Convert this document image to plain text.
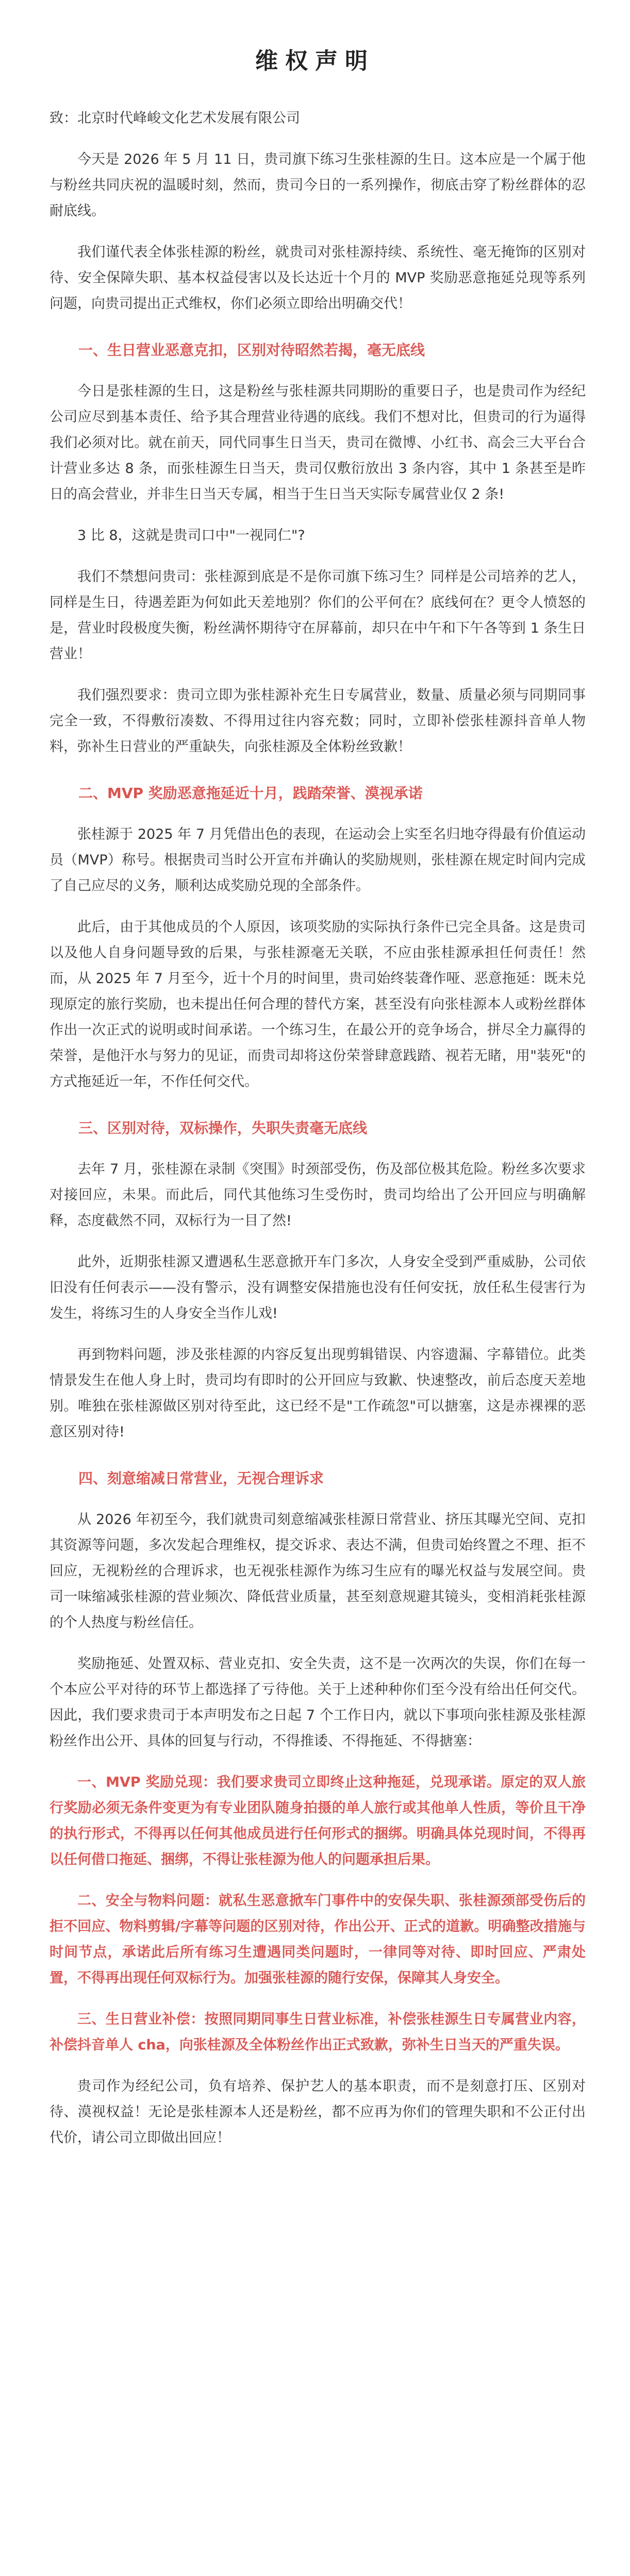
维权声明

致：北京时代峰峻文化艺术发展有限公司

今天是 2026 年 5 月 11 日，贵司旗下练习生张桂源的生日。这本应是一个属于他与粉丝共同庆祝的温暖时刻，然而，贵司今日的一系列操作，彻底击穿了粉丝群体的忍耐底线。

我们谨代表全体张桂源的粉丝，就贵司对张桂源持续、系统性、毫无掩饰的区别对待、安全保障失职、基本权益侵害以及长达近十个月的 MVP 奖励恶意拖延兑现等系列问题，向贵司提出正式维权，你们必须立即给出明确交代！

一、生日营业恶意克扣，区别对待昭然若揭，毫无底线

今日是张桂源的生日，这是粉丝与张桂源共同期盼的重要日子，也是贵司作为经纪公司应尽到基本责任、给予其合理营业待遇的底线。我们不想对比，但贵司的行为逼得我们必须对比。就在前天，同代同事生日当天，贵司在微博、小红书、高会三大平台合计营业多达 8 条，而张桂源生日当天，贵司仅敷衍放出 3 条内容，其中 1 条甚至是昨日的高会营业，并非生日当天专属，相当于生日当天实际专属营业仅 2 条!

3 比 8，这就是贵司口中"一视同仁"?

我们不禁想问贵司：张桂源到底是不是你司旗下练习生？同样是公司培养的艺人，同样是生日，待遇差距为何如此天差地别？你们的公平何在？底线何在？更令人愤怒的是，营业时段极度失衡，粉丝满怀期待守在屏幕前，却只在中午和下午各等到 1 条生日营业！

我们强烈要求：贵司立即为张桂源补充生日专属营业，数量、质量必须与同期同事完全一致，不得敷衍凑数、不得用过往内容充数；同时，立即补偿张桂源抖音单人物料，弥补生日营业的严重缺失，向张桂源及全体粉丝致歉！

二、MVP 奖励恶意拖延近十月，践踏荣誉、漠视承诺

张桂源于 2025 年 7 月凭借出色的表现，在运动会上实至名归地夺得最有价值运动员（MVP）称号。根据贵司当时公开宣布并确认的奖励规则，张桂源在规定时间内完成了自己应尽的义务，顺利达成奖励兑现的全部条件。

此后，由于其他成员的个人原因，该项奖励的实际执行条件已完全具备。这是贵司以及他人自身问题导致的后果，与张桂源毫无关联，不应由张桂源承担任何责任！然而，从 2025 年 7 月至今，近十个月的时间里，贵司始终装聋作哑、恶意拖延：既未兑现原定的旅行奖励，也未提出任何合理的替代方案，甚至没有向张桂源本人或粉丝群体作出一次正式的说明或时间承诺。一个练习生，在最公开的竞争场合，拼尽全力赢得的荣誉，是他汗水与努力的见证，而贵司却将这份荣誉肆意践踏、视若无睹，用"装死"的方式拖延近一年，不作任何交代。

三、区别对待，双标操作，失职失责毫无底线

去年 7 月，张桂源在录制《突围》时颈部受伤，伤及部位极其危险。粉丝多次要求对接回应，未果。而此后，同代其他练习生受伤时，贵司均给出了公开回应与明确解释，态度截然不同，双标行为一目了然!

此外，近期张桂源又遭遇私生恶意掀开车门多次，人身安全受到严重威胁，公司依旧没有任何表示——没有警示，没有调整安保措施也没有任何安抚，放任私生侵害行为发生，将练习生的人身安全当作儿戏!

再到物料问题，涉及张桂源的内容反复出现剪辑错误、内容遗漏、字幕错位。此类情景发生在他人身上时，贵司均有即时的公开回应与致歉、快速整改，前后态度天差地别。唯独在张桂源做区别对待至此，这已经不是"工作疏忽"可以搪塞，这是赤裸裸的恶意区别对待!

四、刻意缩减日常营业，无视合理诉求

从 2026 年初至今，我们就贵司刻意缩减张桂源日常营业、挤压其曝光空间、克扣其资源等问题，多次发起合理维权，提交诉求、表达不满，但贵司始终置之不理、拒不回应，无视粉丝的合理诉求，也无视张桂源作为练习生应有的曝光权益与发展空间。贵司一味缩减张桂源的营业频次、降低营业质量，甚至刻意规避其镜头，变相消耗张桂源的个人热度与粉丝信任。

奖励拖延、处置双标、营业克扣、安全失责，这不是一次两次的失误，你们在每一个本应公平对待的环节上都选择了亏待他。关于上述种种你们至今没有给出任何交代。因此，我们要求贵司于本声明发布之日起 7 个工作日内，就以下事项向张桂源及张桂源粉丝作出公开、具体的回复与行动，不得推诿、不得拖延、不得搪塞：

一、MVP 奖励兑现：我们要求贵司立即终止这种拖延，兑现承诺。原定的双人旅行奖励必须无条件变更为有专业团队随身拍摄的单人旅行或其他单人性质，等价且干净的执行形式，不得再以任何其他成员进行任何形式的捆绑。明确具体兑现时间，不得再以任何借口拖延、捆绑，不得让张桂源为他人的问题承担后果。

二、安全与物料问题：就私生恶意掀车门事件中的安保失职、张桂源颈部受伤后的拒不回应、物料剪辑/字幕等问题的区别对待，作出公开、正式的道歉。明确整改措施与时间节点，承诺此后所有练习生遭遇同类问题时，一律同等对待、即时回应、严肃处置，不得再出现任何双标行为。加强张桂源的随行安保，保障其人身安全。

三、生日营业补偿：按照同期同事生日营业标准，补偿张桂源生日专属营业内容，补偿抖音单人 cha，向张桂源及全体粉丝作出正式致歉，弥补生日当天的严重失误。

贵司作为经纪公司，负有培养、保护艺人的基本职责，而不是刻意打压、区别对待、漠视权益！无论是张桂源本人还是粉丝，都不应再为你们的管理失职和不公正付出代价，请公司立即做出回应！
